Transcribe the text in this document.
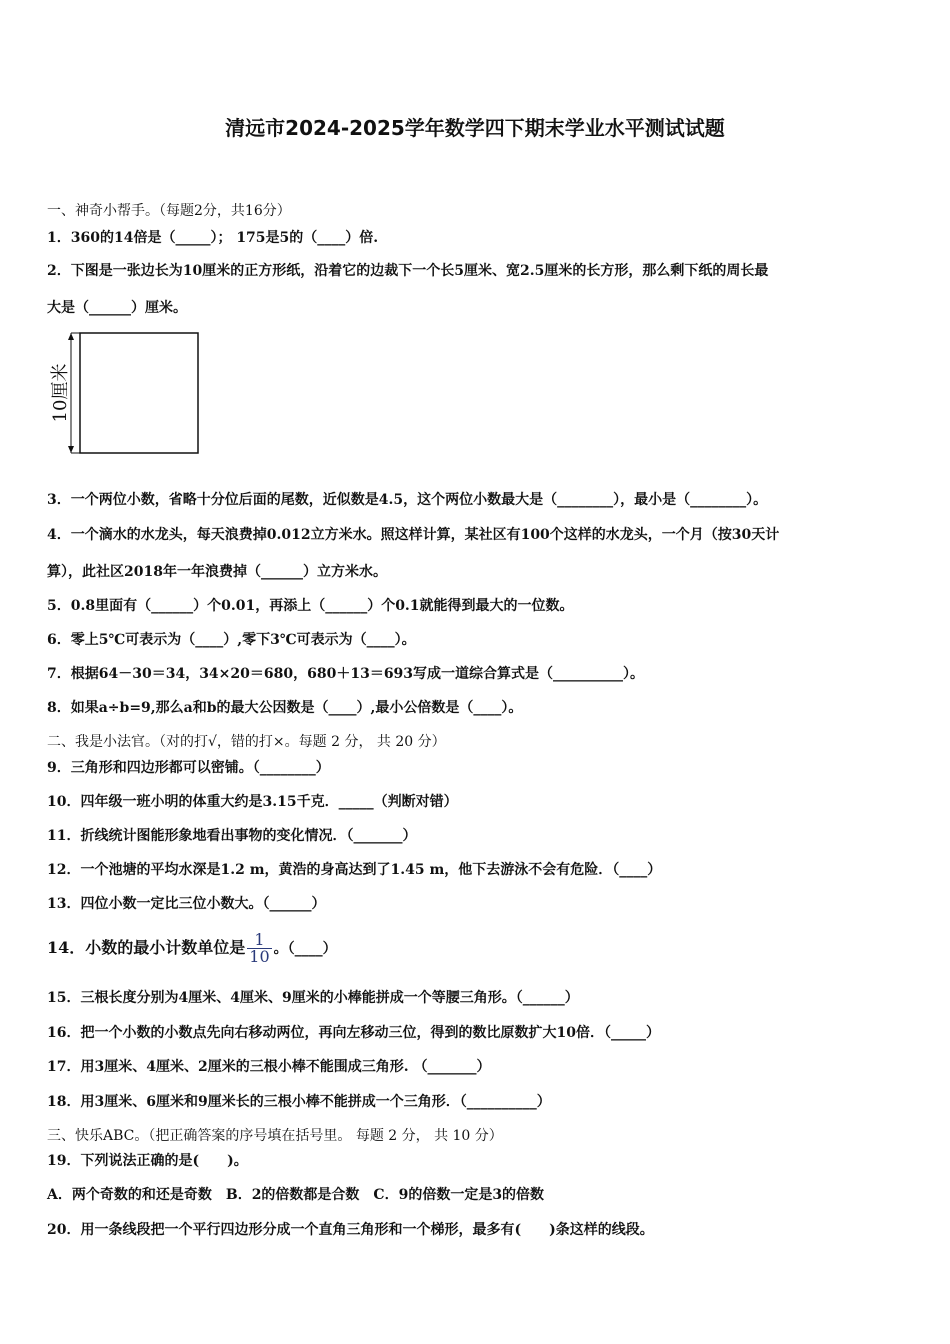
清远市2024-2025学年数学四下期末学业水平测试试题
一、神奇小帮手。（每题2分，共16分）
1．360的14倍是（_____）； 175是5的（____）倍.
2．下图是一张边长为10厘米的正方形纸，沿着它的边裁下一个长5厘米、宽2.5厘米的长方形，那么剩下纸的周长最
大是（______）厘米。
10厘米
3．一个两位小数，省略十分位后面的尾数，近似数是4.5，这个两位小数最大是（________），最小是（________）。
4．一个滴水的水龙头，每天浪费掉0.012立方米水。照这样计算，某社区有100个这样的水龙头，一个月（按30天计
算），此社区2018年一年浪费掉（______）立方米水。
5．0.8里面有（______）个0.01，再添上（______）个0.1就能得到最大的一位数。
6．零上5℃可表示为（____）,零下3℃可表示为（____）。
7．根据64－30＝34，34×20＝680，680＋13＝693写成一道综合算式是（__________）。
8．如果a÷b=9,那么a和b的最大公因数是（____）,最小公倍数是（____）。
二、我是小法官。（对的打√，错的打×。每题 2 分， 共 20 分）
9．三角形和四边形都可以密铺。（________）
10．四年级一班小明的体重大约是3.15千克．_____（判断对错）
11．折线统计图能形象地看出事物的变化情况．（_______）
12．一个池塘的平均水深是1.2 m，黄浩的身高达到了1.45 m，他下去游泳不会有危险．（____）
13．四位小数一定比三位小数大。（______）
14．小数的最小计数单位是 $\frac{1}{10}$ 。（____）
15．三根长度分别为4厘米、4厘米、9厘米的小棒能拼成一个等腰三角形。（______）
16．把一个小数的小数点先向右移动两位，再向左移动三位，得到的数比原数扩大10倍．（_____）
17．用3厘米、4厘米、2厘米的三根小棒不能围成三角形. （_______）
18．用3厘米、6厘米和9厘米长的三根小棒不能拼成一个三角形．（__________）
三、快乐ABC。（把正确答案的序号填在括号里。 每题 2 分， 共 10 分）
19．下列说法正确的是(　　)。
A．两个奇数的和还是奇数　B．2的倍数都是合数　C．9的倍数一定是3的倍数
20．用一条线段把一个平行四边形分成一个直角三角形和一个梯形，最多有(　　)条这样的线段。
